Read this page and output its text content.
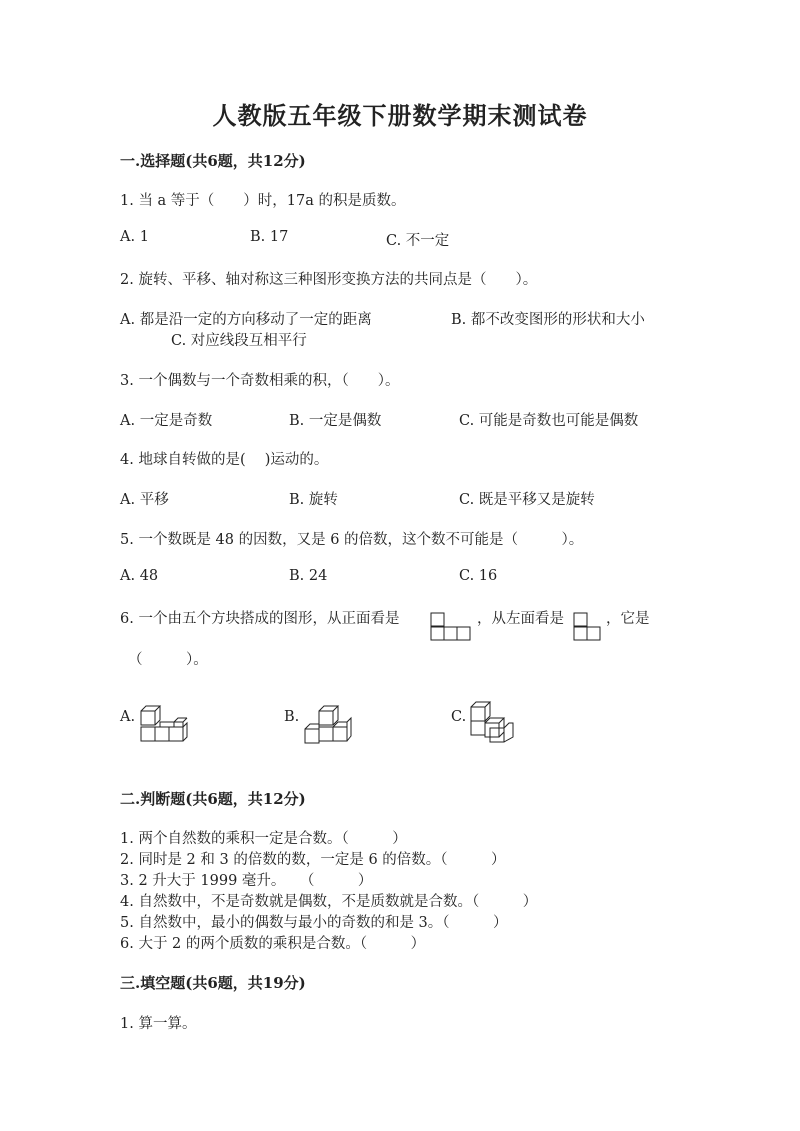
人教版五年级下册数学期末测试卷
一.选择题(共6题，共12分)
1. 当 a 等于（　　）时，17a 的积是质数。
A. 1	B. 17	C. 不一定
2. 旋转、平移、轴对称这三种图形变换方法的共同点是（　　）。
A. 都是沿一定的方向移动了一定的距离	B. 都不改变图形的形状和大小
C. 对应线段互相平行
3. 一个偶数与一个奇数相乘的积，（　　）。
A. 一定是奇数	B. 一定是偶数	C. 可能是奇数也可能是偶数
4. 地球自转做的是(　 )运动的。
A. 平移	B. 旋转	C. 既是平移又是旋转
5. 一个数既是 48 的因数，又是 6 的倍数，这个数不可能是（　　　）。
A. 48	B. 24	C. 16
6. 一个由五个方块搭成的图形，从正面看是	，从左面看是	，它是
（　　　）。
A.	B.	C.
二.判断题(共6题，共12分)
1. 两个自然数的乘积一定是合数。（　　　）
2. 同时是 2 和 3 的倍数的数，一定是 6 的倍数。（　　　）
3. 2 升大于 1999 毫升。　　（　　　）
4. 自然数中，不是奇数就是偶数，不是质数就是合数。（　　　）
5. 自然数中，最小的偶数与最小的奇数的和是 3。（　　　）
6. 大于 2 的两个质数的乘积是合数。（　　　）
三.填空题(共6题，共19分)
1. 算一算。
